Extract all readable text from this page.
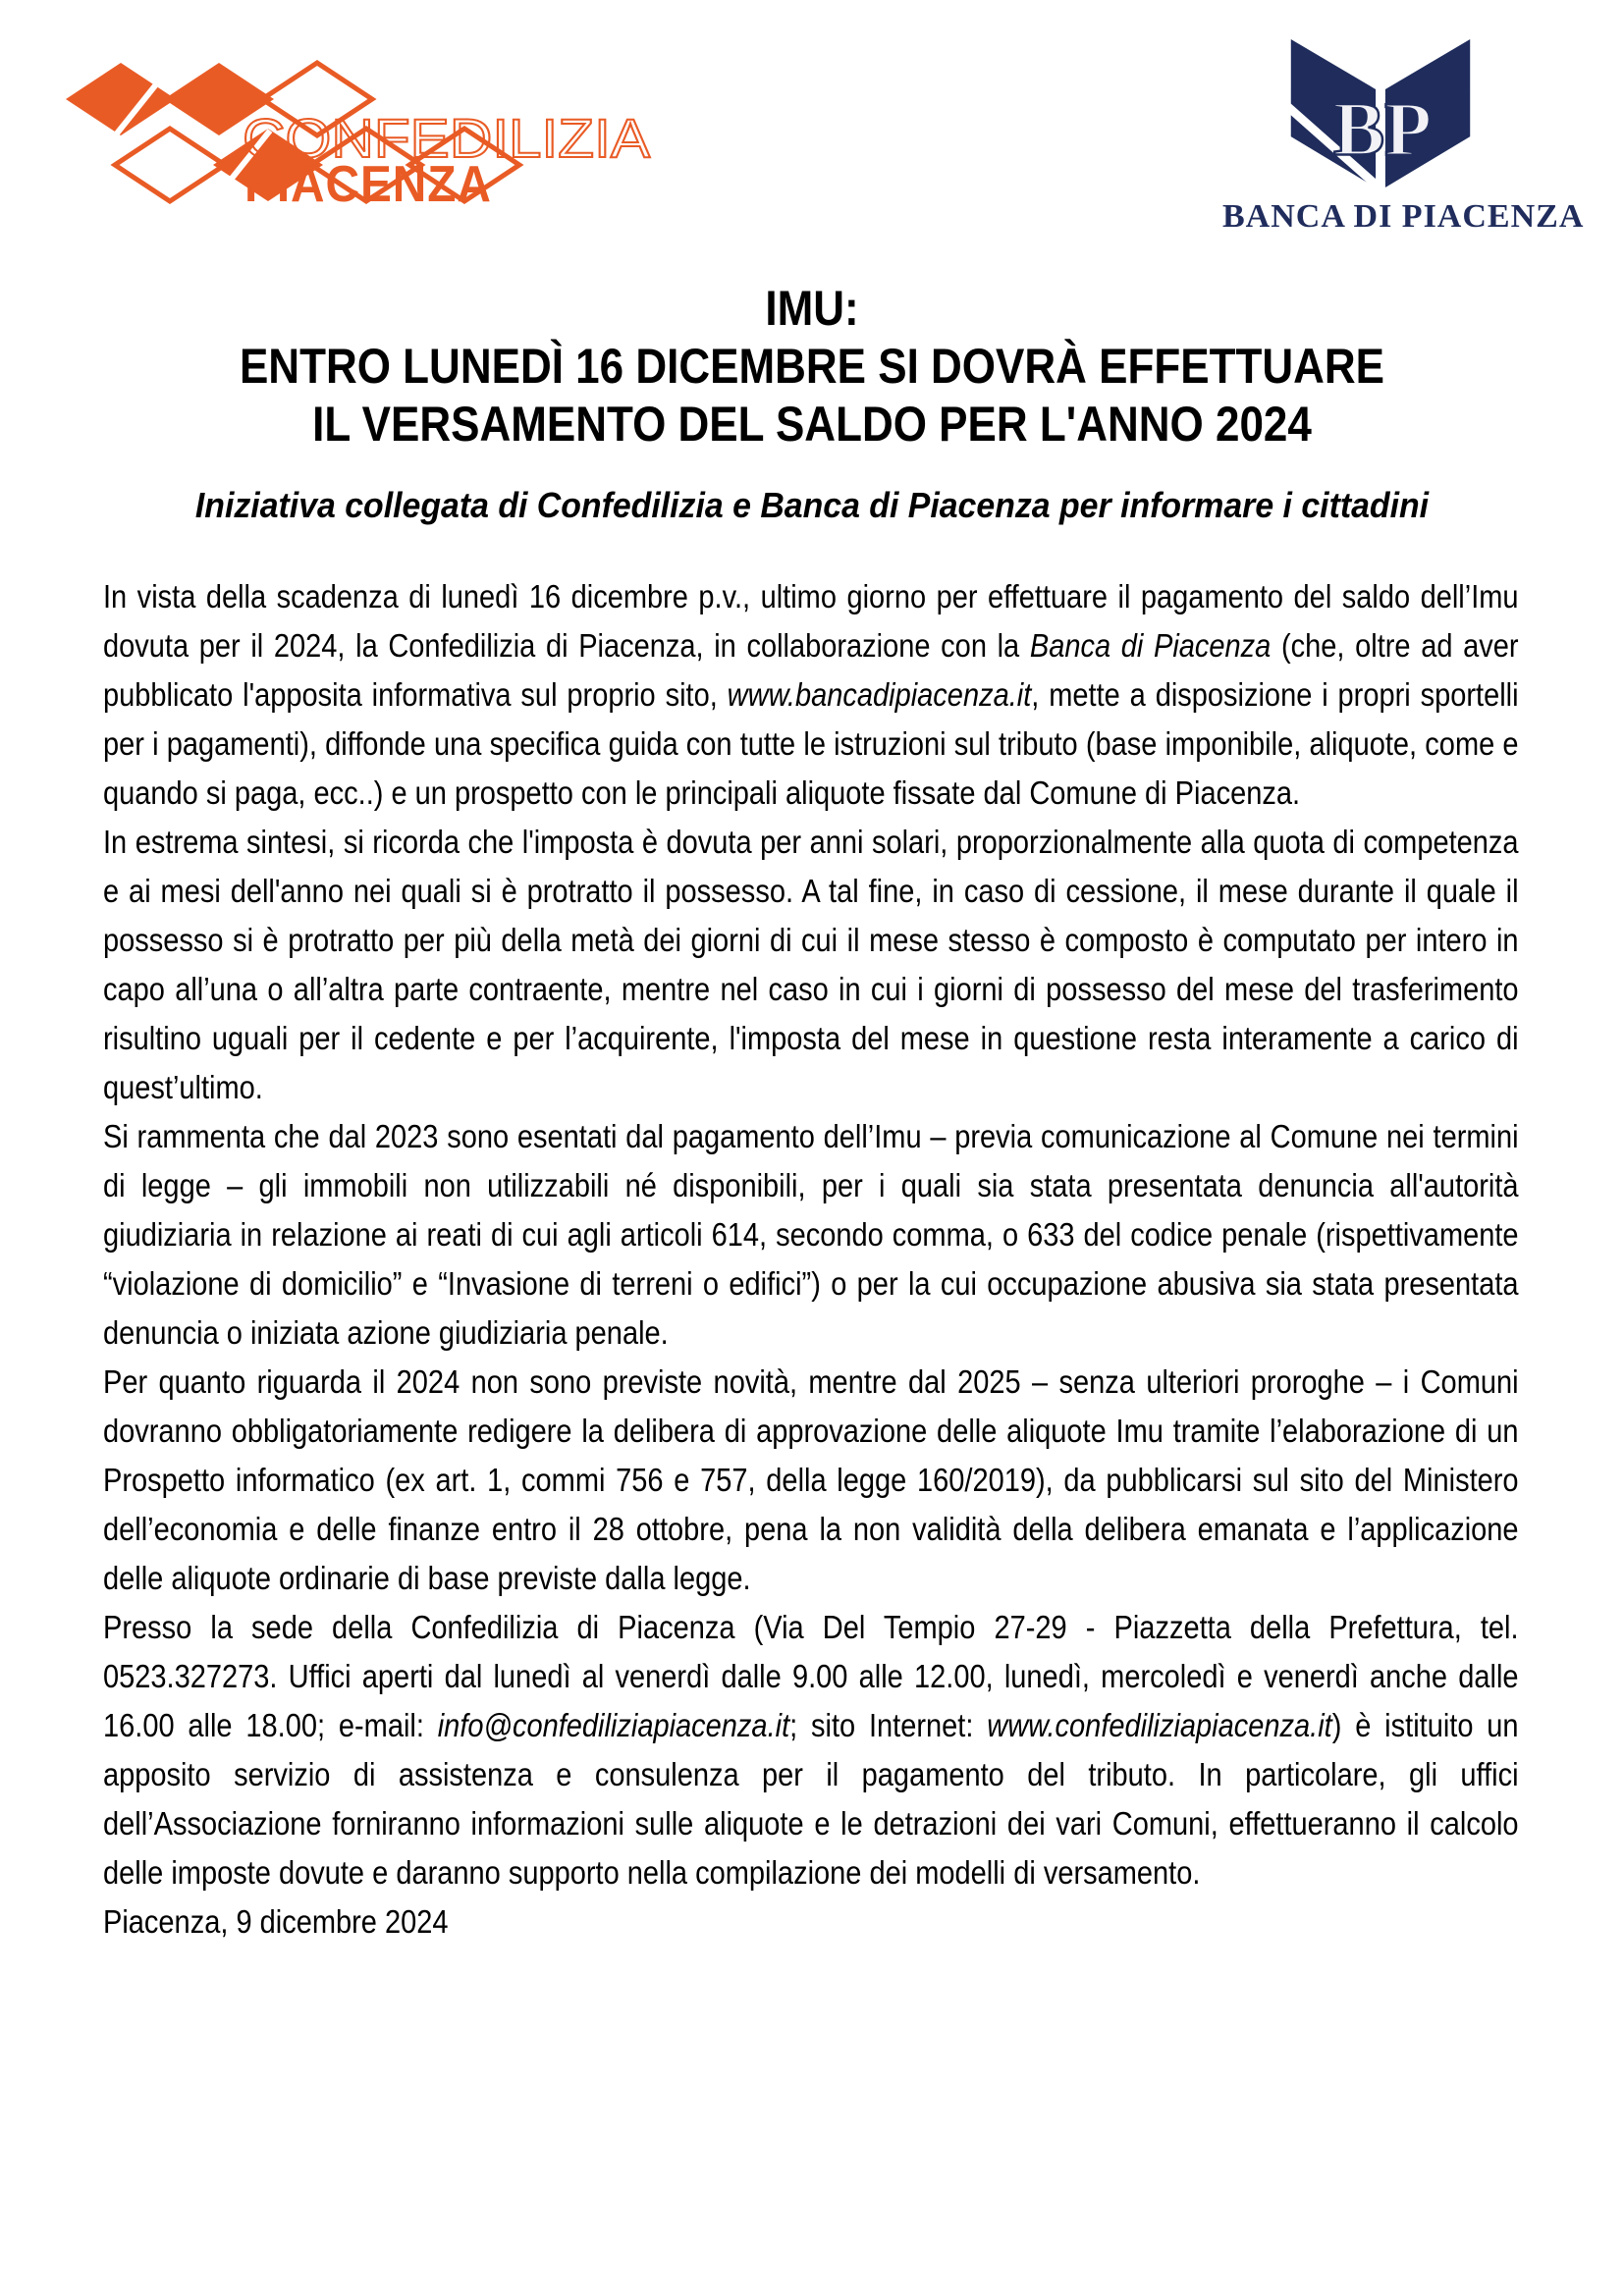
CONFEDILIZIA
PIACENZA
BP
BANCA DI PIACENZA
IMU:
ENTRO LUNEDÌ 16 DICEMBRE SI DOVRÀ EFFETTUARE
IL VERSAMENTO DEL SALDO PER L'ANNO 2024
Iniziativa collegata di Confedilizia e Banca di Piacenza per informare i cittadini

In vista della scadenza di lunedì 16 dicembre p.v., ultimo giorno per effettuare il pagamento del saldo dell’Imu dovuta per il 2024, la Confedilizia di Piacenza, in collaborazione con la Banca di Piacenza (che, oltre ad aver pubblicato l'apposita informativa sul proprio sito, www.bancadipiacenza.it, mette a disposizione i propri sportelli per i pagamenti), diffonde una specifica guida con tutte le istruzioni sul tributo (base imponibile, aliquote, come e quando si paga, ecc..) e un prospetto con le principali aliquote fissate dal Comune di Piacenza.

In estrema sintesi, si ricorda che l'imposta è dovuta per anni solari, proporzionalmente alla quota di competenza e ai mesi dell'anno nei quali si è protratto il possesso. A tal fine, in caso di cessione, il mese durante il quale il possesso si è protratto per più della metà dei giorni di cui il mese stesso è composto è computato per intero in capo all’una o all’altra parte contraente, mentre nel caso in cui i giorni di possesso del mese del trasferimento risultino uguali per il cedente e per l’acquirente, l'imposta del mese in questione resta interamente a carico di quest’ultimo.

Si rammenta che dal 2023 sono esentati dal pagamento dell’Imu – previa comunicazione al Comune nei termini di legge – gli immobili non utilizzabili né disponibili, per i quali sia stata presentata denuncia all'autorità giudiziaria in relazione ai reati di cui agli articoli 614, secondo comma, o 633 del codice penale (rispettivamente “violazione di domicilio” e “Invasione di terreni o edifici”) o per la cui occupazione abusiva sia stata presentata denuncia o iniziata azione giudiziaria penale.

Per quanto riguarda il 2024 non sono previste novità, mentre dal 2025 – senza ulteriori proroghe – i Comuni dovranno obbligatoriamente redigere la delibera di approvazione delle aliquote Imu tramite l’elaborazione di un Prospetto informatico (ex art. 1, commi 756 e 757, della legge 160/2019), da pubblicarsi sul sito del Ministero dell’economia e delle finanze entro il 28 ottobre, pena la non validità della delibera emanata e l’applicazione delle aliquote ordinarie di base previste dalla legge.

Presso la sede della Confedilizia di Piacenza (Via Del Tempio 27-29 - Piazzetta della Prefettura, tel. 0523.327273. Uffici aperti dal lunedì al venerdì dalle 9.00 alle 12.00, lunedì, mercoledì e venerdì anche dalle 16.00 alle 18.00; e-mail: info@confediliziapiacenza.it; sito Internet: www.confediliziapiacenza.it) è istituito un apposito servizio di assistenza e consulenza per il pagamento del tributo. In particolare, gli uffici dell’Associazione forniranno informazioni sulle aliquote e le detrazioni dei vari Comuni, effettueranno il calcolo delle imposte dovute e daranno supporto nella compilazione dei modelli di versamento.

Piacenza, 9 dicembre 2024
